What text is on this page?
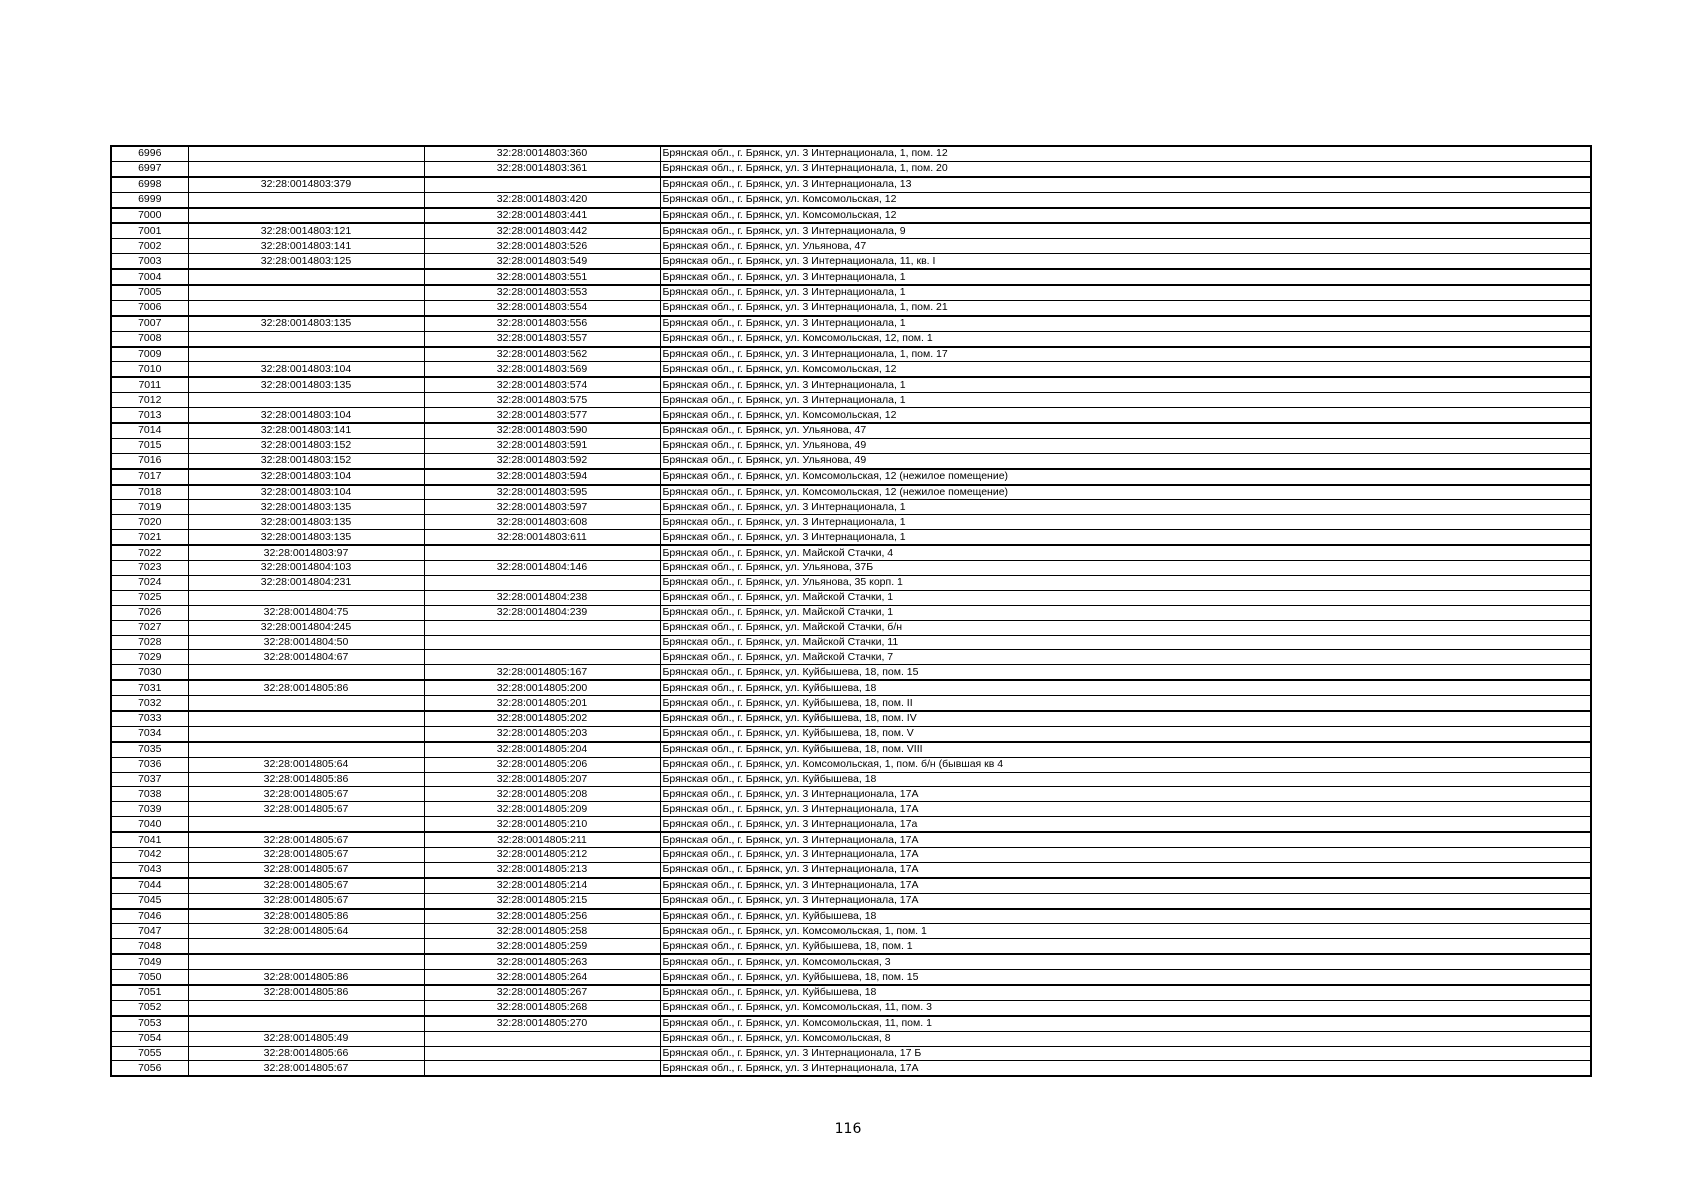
6996		32:28:0014803:360	Брянская обл., г. Брянск, ул. 3 Интернационала, 1, пом. 12
6997		32:28:0014803:361	Брянская обл., г. Брянск, ул. 3 Интернационала, 1, пом. 20
6998	32:28:0014803:379		Брянская обл., г. Брянск, ул. 3 Интернационала, 13
6999		32:28:0014803:420	Брянская обл., г. Брянск, ул. Комсомольская, 12
7000		32:28:0014803:441	Брянская обл., г. Брянск, ул. Комсомольская, 12
7001	32:28:0014803:121	32:28:0014803:442	Брянская обл., г. Брянск, ул. 3 Интернационала, 9
7002	32:28:0014803:141	32:28:0014803:526	Брянская обл., г. Брянск, ул. Ульянова, 47
7003	32:28:0014803:125	32:28:0014803:549	Брянская обл., г. Брянск, ул. 3 Интернационала, 11, кв. I
7004		32:28:0014803:551	Брянская обл., г. Брянск, ул. 3 Интернационала, 1
7005		32:28:0014803:553	Брянская обл., г. Брянск, ул. 3 Интернационала, 1
7006		32:28:0014803:554	Брянская обл., г. Брянск, ул. 3 Интернационала, 1, пом. 21
7007	32:28:0014803:135	32:28:0014803:556	Брянская обл., г. Брянск, ул. 3 Интернационала, 1
7008		32:28:0014803:557	Брянская обл., г. Брянск, ул. Комсомольская, 12, пом. 1
7009		32:28:0014803:562	Брянская обл., г. Брянск, ул. 3 Интернационала, 1, пом. 17
7010	32:28:0014803:104	32:28:0014803:569	Брянская обл., г. Брянск, ул. Комсомольская, 12
7011	32:28:0014803:135	32:28:0014803:574	Брянская обл., г. Брянск, ул. 3 Интернационала, 1
7012		32:28:0014803:575	Брянская обл., г. Брянск, ул. 3 Интернационала, 1
7013	32:28:0014803:104	32:28:0014803:577	Брянская обл., г. Брянск, ул. Комсомольская, 12
7014	32:28:0014803:141	32:28:0014803:590	Брянская обл., г. Брянск, ул. Ульянова, 47
7015	32:28:0014803:152	32:28:0014803:591	Брянская обл., г. Брянск, ул. Ульянова, 49
7016	32:28:0014803:152	32:28:0014803:592	Брянская обл., г. Брянск, ул. Ульянова, 49
7017	32:28:0014803:104	32:28:0014803:594	Брянская обл., г. Брянск, ул. Комсомольская, 12 (нежилое помещение)
7018	32:28:0014803:104	32:28:0014803:595	Брянская обл., г. Брянск, ул. Комсомольская, 12 (нежилое помещение)
7019	32:28:0014803:135	32:28:0014803:597	Брянская обл., г. Брянск, ул. 3 Интернационала, 1
7020	32:28:0014803:135	32:28:0014803:608	Брянская обл., г. Брянск, ул. 3 Интернационала, 1
7021	32:28:0014803:135	32:28:0014803:611	Брянская обл., г. Брянск, ул. 3 Интернационала, 1
7022	32:28:0014803:97		Брянская обл., г. Брянск, ул. Майской Стачки, 4
7023	32:28:0014804:103	32:28:0014804:146	Брянская обл., г. Брянск, ул. Ульянова, 37Б
7024	32:28:0014804:231		Брянская обл., г. Брянск, ул. Ульянова, 35 корп. 1
7025		32:28:0014804:238	Брянская обл., г. Брянск, ул. Майской Стачки, 1
7026	32:28:0014804:75	32:28:0014804:239	Брянская обл., г. Брянск, ул. Майской Стачки, 1
7027	32:28:0014804:245		Брянская обл., г. Брянск, ул. Майской Стачки, б/н
7028	32:28:0014804:50		Брянская обл., г. Брянск, ул. Майской Стачки, 11
7029	32:28:0014804:67		Брянская обл., г. Брянск, ул. Майской Стачки, 7
7030		32:28:0014805:167	Брянская обл., г. Брянск, ул. Куйбышева, 18, пом. 15
7031	32:28:0014805:86	32:28:0014805:200	Брянская обл., г. Брянск, ул. Куйбышева, 18
7032		32:28:0014805:201	Брянская обл., г. Брянск, ул. Куйбышева, 18, пом. II
7033		32:28:0014805:202	Брянская обл., г. Брянск, ул. Куйбышева, 18, пом. IV
7034		32:28:0014805:203	Брянская обл., г. Брянск, ул. Куйбышева, 18, пом. V
7035		32:28:0014805:204	Брянская обл., г. Брянск, ул. Куйбышева, 18, пом. VIII
7036	32:28:0014805:64	32:28:0014805:206	Брянская обл., г. Брянск, ул. Комсомольская, 1, пом. б/н (бывшая кв 4
7037	32:28:0014805:86	32:28:0014805:207	Брянская обл., г. Брянск, ул. Куйбышева, 18
7038	32:28:0014805:67	32:28:0014805:208	Брянская обл., г. Брянск, ул. 3 Интернационала, 17А
7039	32:28:0014805:67	32:28:0014805:209	Брянская обл., г. Брянск, ул. 3 Интернационала, 17А
7040		32:28:0014805:210	Брянская обл., г. Брянск, ул. 3 Интернационала, 17а
7041	32:28:0014805:67	32:28:0014805:211	Брянская обл., г. Брянск, ул. 3 Интернационала, 17А
7042	32:28:0014805:67	32:28:0014805:212	Брянская обл., г. Брянск, ул. 3 Интернационала, 17А
7043	32:28:0014805:67	32:28:0014805:213	Брянская обл., г. Брянск, ул. 3 Интернационала, 17А
7044	32:28:0014805:67	32:28:0014805:214	Брянская обл., г. Брянск, ул. 3 Интернационала, 17А
7045	32:28:0014805:67	32:28:0014805:215	Брянская обл., г. Брянск, ул. 3 Интернационала, 17А
7046	32:28:0014805:86	32:28:0014805:256	Брянская обл., г. Брянск, ул. Куйбышева, 18
7047	32:28:0014805:64	32:28:0014805:258	Брянская обл., г. Брянск, ул. Комсомольская, 1, пом. 1
7048		32:28:0014805:259	Брянская обл., г. Брянск, ул. Куйбышева, 18, пом. 1
7049		32:28:0014805:263	Брянская обл., г. Брянск, ул. Комсомольская, 3
7050	32:28:0014805:86	32:28:0014805:264	Брянская обл., г. Брянск, ул. Куйбышева, 18, пом. 15
7051	32:28:0014805:86	32:28:0014805:267	Брянская обл., г. Брянск, ул. Куйбышева, 18
7052		32:28:0014805:268	Брянская обл., г. Брянск, ул. Комсомольская, 11, пом. 3
7053		32:28:0014805:270	Брянская обл., г. Брянск, ул. Комсомольская, 11, пом. 1
7054	32:28:0014805:49		Брянская обл., г. Брянск, ул. Комсомольская, 8
7055	32:28:0014805:66		Брянская обл., г. Брянск, ул. 3 Интернационала, 17 Б
7056	32:28:0014805:67		Брянская обл., г. Брянск, ул. 3 Интернационала, 17А
116
